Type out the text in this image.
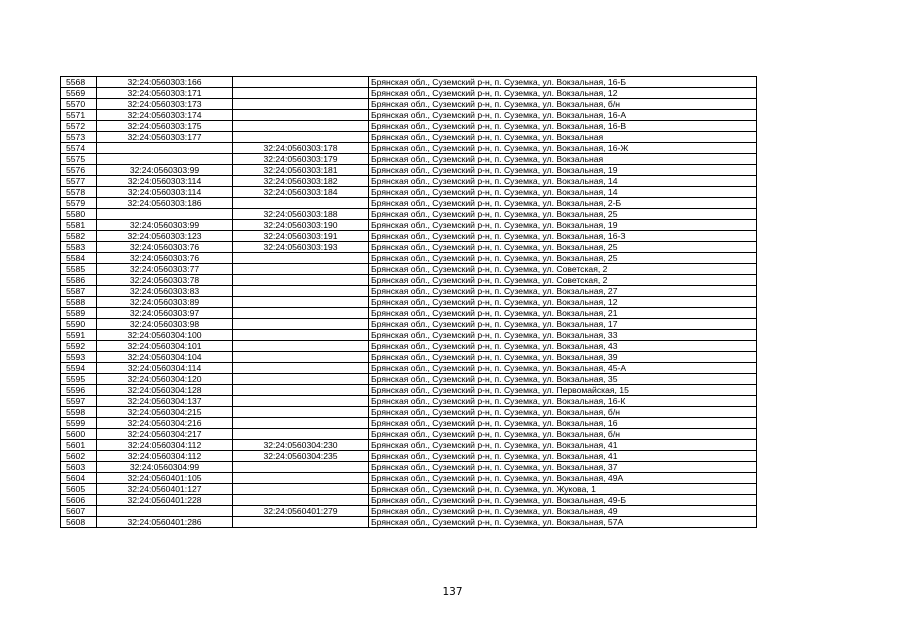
5568	32:24:0560303:166		Брянская обл., Суземский р-н, п. Суземка, ул. Вокзальная, 16-Б
5569	32:24:0560303:171		Брянская обл., Суземский р-н, п. Суземка, ул. Вокзальная, 12
5570	32:24:0560303:173		Брянская обл., Суземский р-н, п. Суземка, ул. Вокзальная, б/н
5571	32:24:0560303:174		Брянская обл., Суземский р-н, п. Суземка, ул. Вокзальная, 16-А
5572	32:24:0560303:175		Брянская обл., Суземский р-н, п. Суземка, ул. Вокзальная, 16-В
5573	32:24:0560303:177		Брянская обл., Суземский р-н, п. Суземка, ул. Вокзальная
5574		32:24:0560303:178	Брянская обл., Суземский р-н, п. Суземка, ул. Вокзальная, 16-Ж
5575		32:24:0560303:179	Брянская обл., Суземский р-н, п. Суземка, ул. Вокзальная
5576	32:24:0560303:99	32:24:0560303:181	Брянская обл., Суземский р-н, п. Суземка, ул. Вокзальная, 19
5577	32:24:0560303:114	32:24:0560303:182	Брянская обл., Суземский р-н, п. Суземка, ул. Вокзальная, 14
5578	32:24:0560303:114	32:24:0560303:184	Брянская обл., Суземский р-н, п. Суземка, ул. Вокзальная, 14
5579	32:24:0560303:186		Брянская обл., Суземский р-н, п. Суземка, ул. Вокзальная, 2-Б
5580		32:24:0560303:188	Брянская обл., Суземский р-н, п. Суземка, ул. Вокзальная, 25
5581	32:24:0560303:99	32:24:0560303:190	Брянская обл., Суземский р-н, п. Суземка, ул. Вокзальная, 19
5582	32:24:0560303:123	32:24:0560303:191	Брянская обл., Суземский р-н, п. Суземка, ул. Вокзальная, 16-З
5583	32:24:0560303:76	32:24:0560303:193	Брянская обл., Суземский р-н, п. Суземка, ул. Вокзальная, 25
5584	32:24:0560303:76		Брянская обл., Суземский р-н, п. Суземка, ул. Вокзальная, 25
5585	32:24:0560303:77		Брянская обл., Суземский р-н, п. Суземка, ул. Советская, 2
5586	32:24:0560303:78		Брянская обл., Суземский р-н, п. Суземка, ул. Советская, 2
5587	32:24:0560303:83		Брянская обл., Суземский р-н, п. Суземка, ул. Вокзальная, 27
5588	32:24:0560303:89		Брянская обл., Суземский р-н, п. Суземка, ул. Вокзальная, 12
5589	32:24:0560303:97		Брянская обл., Суземский р-н, п. Суземка, ул. Вокзальная, 21
5590	32:24:0560303:98		Брянская обл., Суземский р-н, п. Суземка, ул. Вокзальная, 17
5591	32:24:0560304:100		Брянская обл., Суземский р-н, п. Суземка, ул. Вокзальная, 33
5592	32:24:0560304:101		Брянская обл., Суземский р-н, п. Суземка, ул. Вокзальная, 43
5593	32:24:0560304:104		Брянская обл., Суземский р-н, п. Суземка, ул. Вокзальная, 39
5594	32:24:0560304:114		Брянская обл., Суземский р-н, п. Суземка, ул. Вокзальная, 45-А
5595	32:24:0560304:120		Брянская обл., Суземский р-н, п. Суземка, ул. Вокзальная, 35
5596	32:24:0560304:128		Брянская обл., Суземский р-н, п. Суземка, ул. Первомайская, 15
5597	32:24:0560304:137		Брянская обл., Суземский р-н, п. Суземка, ул. Вокзальная, 16-К
5598	32:24:0560304:215		Брянская обл., Суземский р-н, п. Суземка, ул. Вокзальная, б/н
5599	32:24:0560304:216		Брянская обл., Суземский р-н, п. Суземка, ул. Вокзальная, 16
5600	32:24:0560304:217		Брянская обл., Суземский р-н, п. Суземка, ул. Вокзальная, б/н
5601	32:24:0560304:112	32:24:0560304:230	Брянская обл., Суземский р-н, п. Суземка, ул. Вокзальная, 41
5602	32:24:0560304:112	32:24:0560304:235	Брянская обл., Суземский р-н, п. Суземка, ул. Вокзальная, 41
5603	32:24:0560304:99		Брянская обл., Суземский р-н, п. Суземка, ул. Вокзальная, 37
5604	32:24:0560401:105		Брянская обл., Суземский р-н, п. Суземка, ул. Вокзальная, 49А
5605	32:24:0560401:127		Брянская обл., Суземский р-н, п. Суземка, ул. Жукова, 1
5606	32:24:0560401:228		Брянская обл., Суземский р-н, п. Суземка, ул. Вокзальная, 49-Б
5607		32:24:0560401:279	Брянская обл., Суземский р-н, п. Суземка, ул. Вокзальная, 49
5608	32:24:0560401:286		Брянская обл., Суземский р-н, п. Суземка, ул. Вокзальная, 57А
137
